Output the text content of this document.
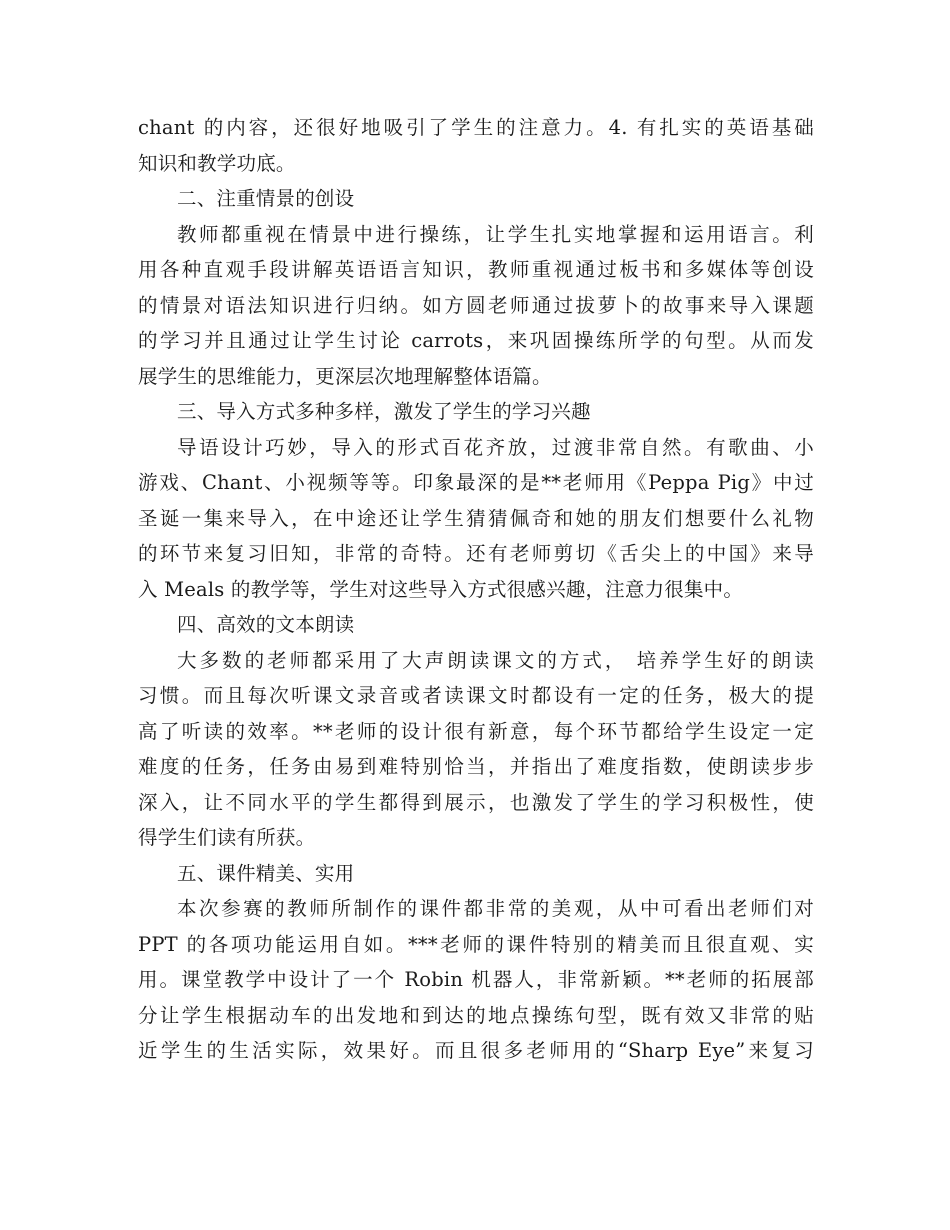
chant 的内容，还很好地吸引了学生的注意力。4. 有扎实的英语基础
知识和教学功底。
二、注重情景的创设
教师都重视在情景中进行操练，让学生扎实地掌握和运用语言。利
用各种直观手段讲解英语语言知识，教师重视通过板书和多媒体等创设
的情景对语法知识进行归纳。如方圆老师通过拔萝卜的故事来导入课题
的学习并且通过让学生讨论 carrots，来巩固操练所学的句型。从而发
展学生的思维能力，更深层次地理解整体语篇。
三、导入方式多种多样，激发了学生的学习兴趣
导语设计巧妙，导入的形式百花齐放，过渡非常自然。有歌曲、小
游戏、Chant、小视频等等。印象最深的是**老师用《Peppa Pig》中过
圣诞一集来导入，在中途还让学生猜猜佩奇和她的朋友们想要什么礼物
的环节来复习旧知，非常的奇特。还有老师剪切《舌尖上的中国》来导
入 Meals 的教学等，学生对这些导入方式很感兴趣，注意力很集中。
四、高效的文本朗读
大多数的老师都采用了大声朗读课文的方式， 培养学生好的朗读
习惯。而且每次听课文录音或者读课文时都设有一定的任务，极大的提
高了听读的效率。**老师的设计很有新意，每个环节都给学生设定一定
难度的任务，任务由易到难特别恰当，并指出了难度指数，使朗读步步
深入，让不同水平的学生都得到展示，也激发了学生的学习积极性，使
得学生们读有所获。
五、课件精美、实用
本次参赛的教师所制作的课件都非常的美观，从中可看出老师们对
PPT 的各项功能运用自如。***老师的课件特别的精美而且很直观、实
用。课堂教学中设计了一个 Robin 机器人，非常新颖。**老师的拓展部
分让学生根据动车的出发地和到达的地点操练句型，既有效又非常的贴
近学生的生活实际，效果好。而且很多老师用的“Sharp Eye”来复习
